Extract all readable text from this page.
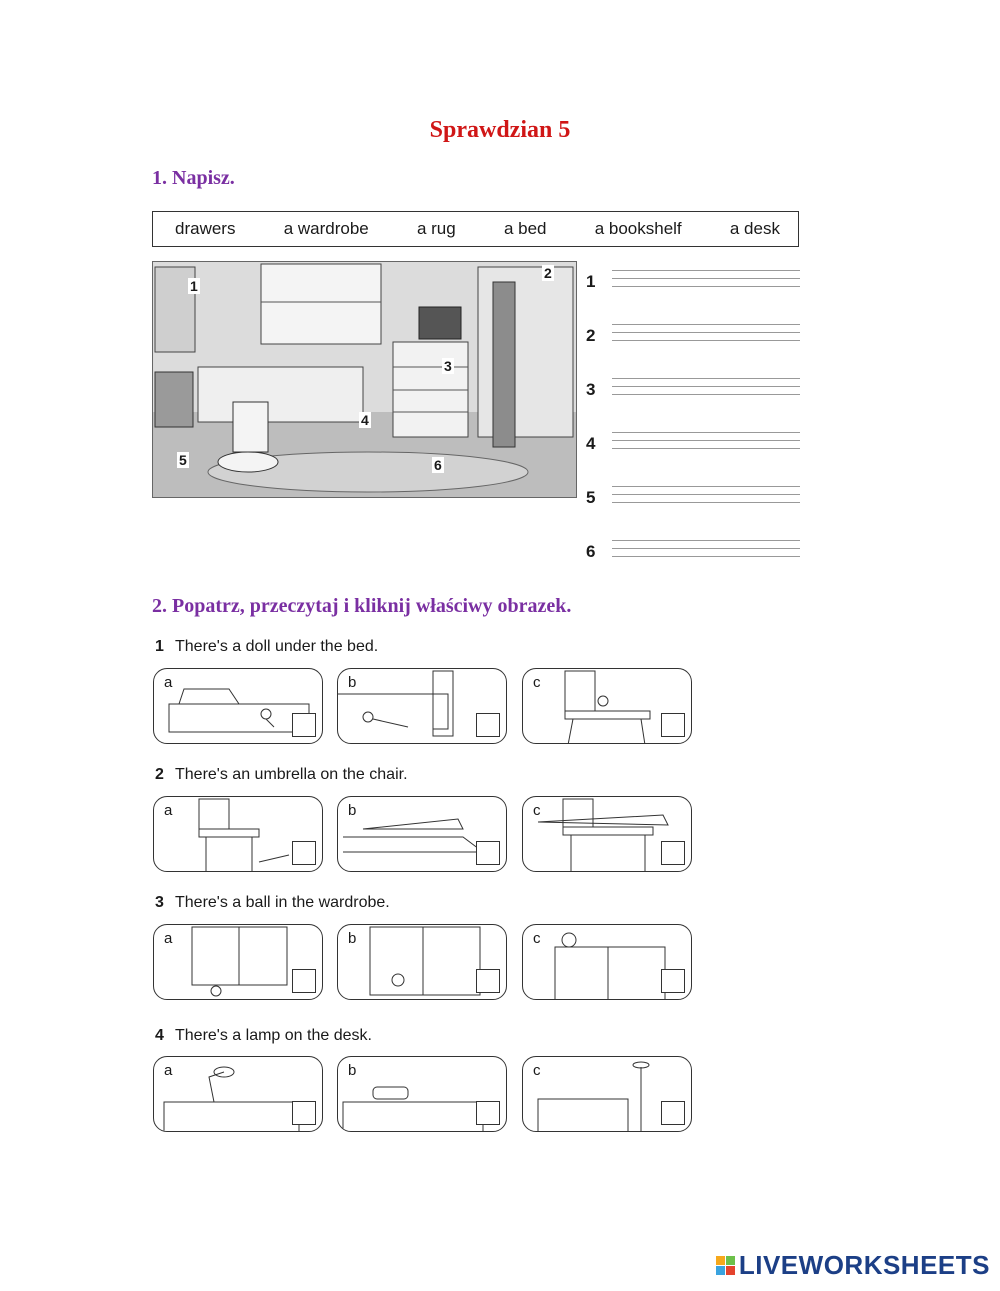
Sprawdzian 5
1. Napisz.
drawers	a wardrobe	a rug	a bed	a bookshelf	a desk
1
2
3
4
5	6
1
2
3
4
5
6
2. Popatrz, przeczytaj i kliknij właściwy obrazek.
1 There's a doll under the bed.
a	b	c
2 There's an umbrella on the chair.
a	b	c
3 There's a ball in the wardrobe.
a	b	c
4 There's a lamp on the desk.
a	b	c
LIVEWORKSHEETS
